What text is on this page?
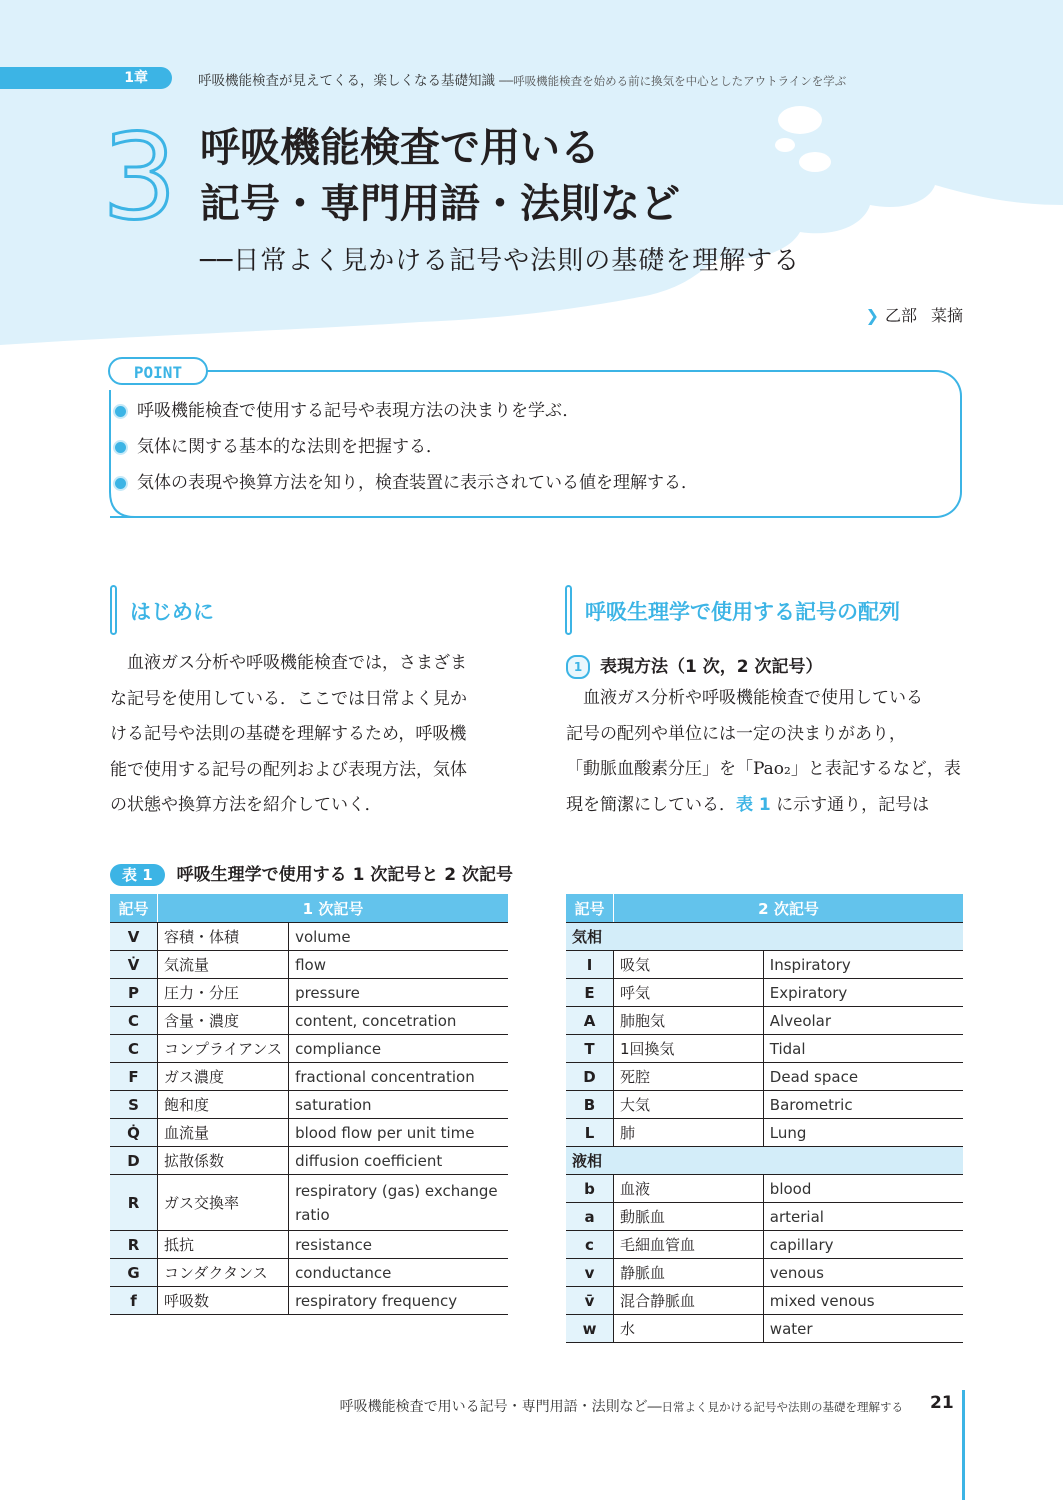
1章	呼吸機能検査が見えてくる，楽しくなる基礎知識 ──呼吸機能検査を始める前に換気を中心としたアウトラインを学ぶ
3 呼吸機能検査で用いる
記号・専門用語・法則など
──日常よく見かける記号や法則の基礎を理解する
❯ 乙部 菜摘
POINT
呼吸機能検査で使用する記号や表現方法の決まりを学ぶ．
気体に関する基本的な法則を把握する．
気体の表現や換算方法を知り，検査装置に表示されている値を理解する．
はじめに
　血液ガス分析や呼吸機能検査では，さまざま
な記号を使用している．ここでは日常よく見か
ける記号や法則の基礎を理解するため，呼吸機
能で使用する記号の配列および表現方法，気体
の状態や換算方法を紹介していく．
呼吸生理学で使用する記号の配列
1 表現方法（1 次，2 次記号）
　血液ガス分析や呼吸機能検査で使用している
記号の配列や単位には一定の決まりがあり，
「動脈血酸素分圧」を「Pao₂」と表記するなど，表
現を簡潔にしている．表 1 に示す通り，記号は
表 1 呼吸生理学で使用する 1 次記号と 2 次記号
記号	1 次記号	
V	容積・体積	volume
V̇	気流量	flow
P	圧力・分圧	pressure
C	含量・濃度	content, concetration
C	コンプライアンス	compliance
F	ガス濃度	fractional concentration
S	飽和度	saturation
Q̇	血流量	blood flow per unit time
D	拡散係数	diffusion coefficient
R	ガス交換率	respiratory (gas) exchange ratio
R	抵抗	resistance
G	コンダクタンス	conductance
f	呼吸数	respiratory frequency
記号	2 次記号	
気相		
I	吸気	Inspiratory
E	呼気	Expiratory
A	肺胞気	Alveolar
T	1回換気	Tidal
D	死腔	Dead space
B	大気	Barometric
L	肺	Lung
液相		
b	血液	blood
a	動脈血	arterial
c	毛細血管血	capillary
v	静脈血	venous
v̄	混合静脈血	mixed venous
w	水	water
呼吸機能検査で用いる記号・専門用語・法則など──日常よく見かける記号や法則の基礎を理解する 21
